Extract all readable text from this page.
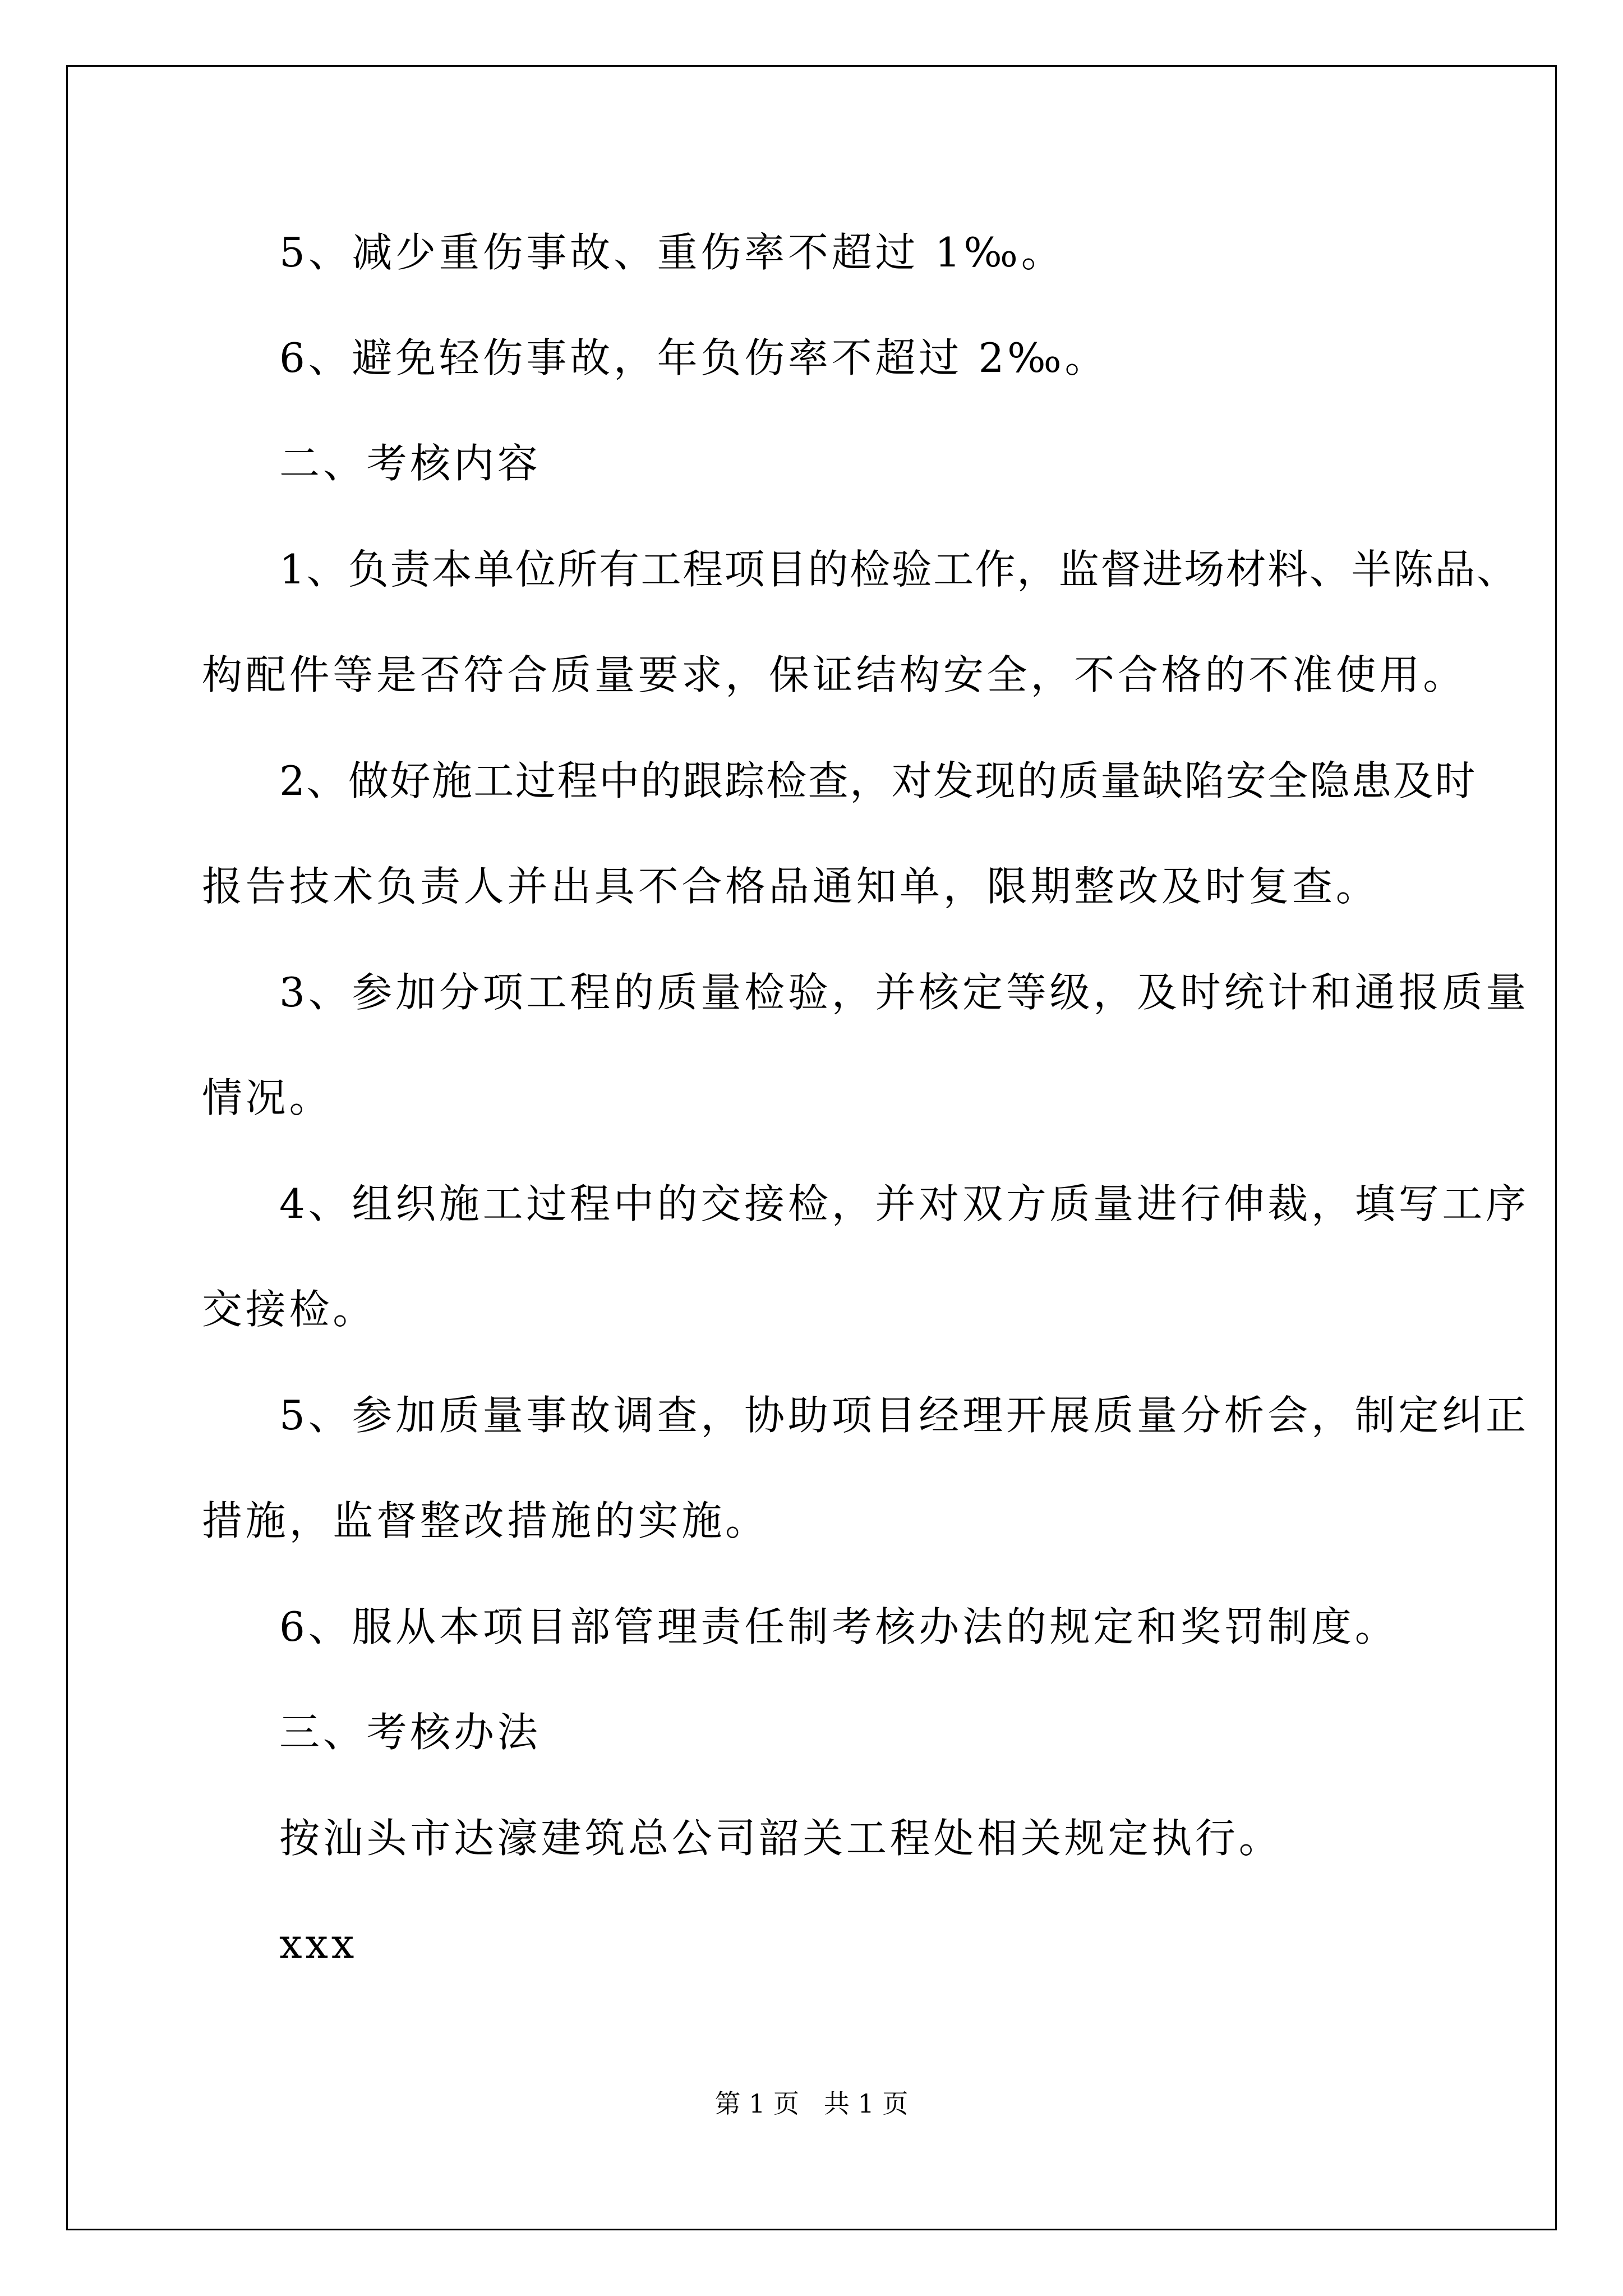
5、减少重伤事故、重伤率不超过 1‰。
6、避免轻伤事故，年负伤率不超过 2‰。
二、考核内容
1、负责本单位所有工程项目的检验工作，监督进场材料、半陈品、
构配件等是否符合质量要求，保证结构安全，不合格的不准使用。
2、做好施工过程中的跟踪检查，对发现的质量缺陷安全隐患及时
报告技术负责人并出具不合格品通知单，限期整改及时复查。
3、参加分项工程的质量检验，并核定等级，及时统计和通报质量
情况。
4、组织施工过程中的交接检，并对双方质量进行伸裁，填写工序
交接检。
5、参加质量事故调查，协助项目经理开展质量分析会，制定纠正
措施，监督整改措施的实施。
6、服从本项目部管理责任制考核办法的规定和奖罚制度。
三、考核办法
按汕头市达濠建筑总公司韶关工程处相关规定执行。
xxx
第 1 页   共 1 页
